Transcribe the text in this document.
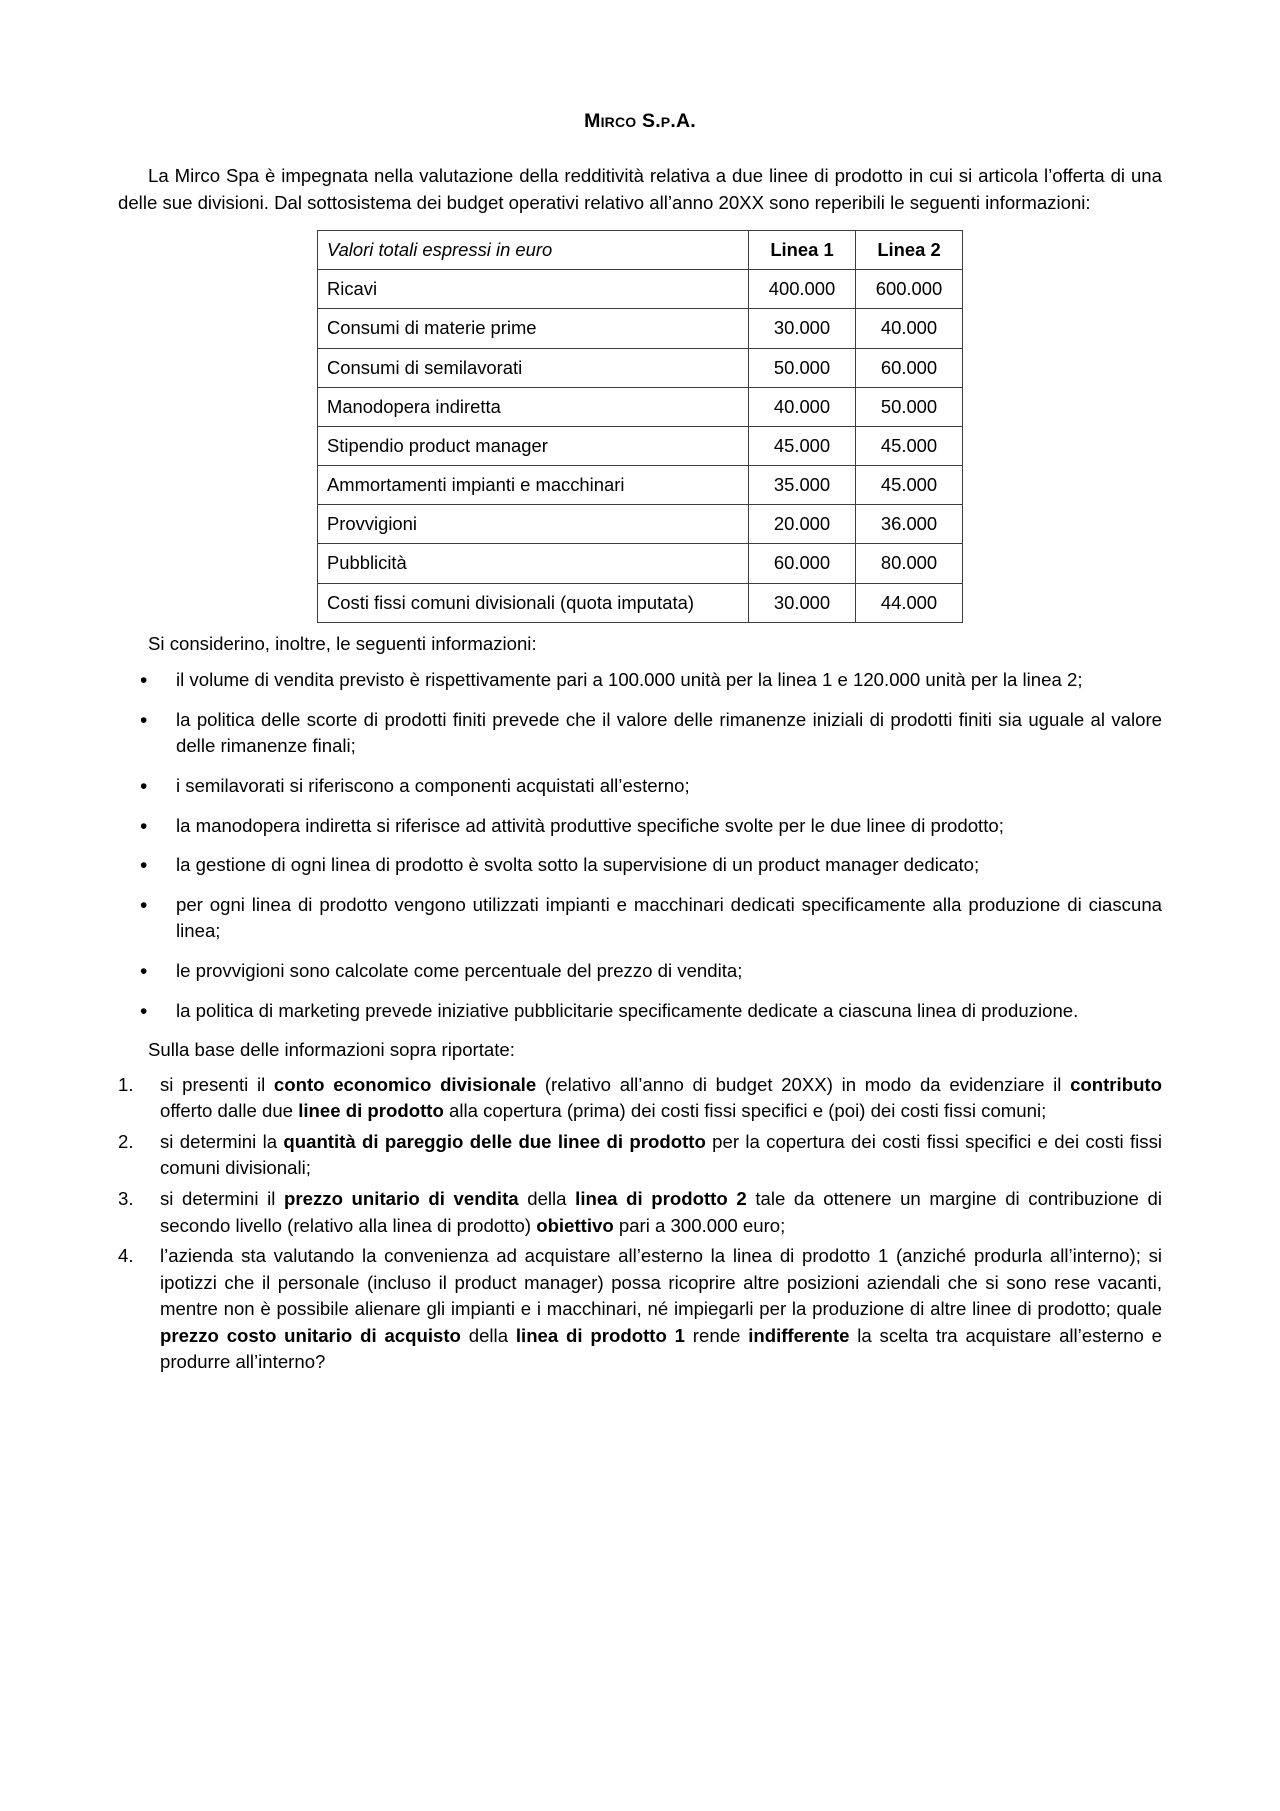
Mirco S.p.A.

La Mirco Spa è impegnata nella valutazione della redditività relativa a due linee di prodotto in cui si articola l’offerta di una delle sue divisioni. Dal sottosistema dei budget operativi relativo all’anno 20XX sono reperibili le seguenti informazioni:

Valori totali espressi in euro	Linea 1	Linea 2
Ricavi	400.000	600.000
Consumi di materie prime	30.000	40.000
Consumi di semilavorati	50.000	60.000
Manodopera indiretta	40.000	50.000
Stipendio product manager	45.000	45.000
Ammortamenti impianti e macchinari	35.000	45.000
Provvigioni	20.000	36.000
Pubblicità	60.000	80.000
Costi fissi comuni divisionali (quota imputata)	30.000	44.000

Si considerino, inoltre, le seguenti informazioni:

• il volume di vendita previsto è rispettivamente pari a 100.000 unità per la linea 1 e 120.000 unità per la linea 2;
• la politica delle scorte di prodotti finiti prevede che il valore delle rimanenze iniziali di prodotti finiti sia uguale al valore delle rimanenze finali;
• i semilavorati si riferiscono a componenti acquistati all’esterno;
• la manodopera indiretta si riferisce ad attività produttive specifiche svolte per le due linee di prodotto;
• la gestione di ogni linea di prodotto è svolta sotto la supervisione di un product manager dedicato;
• per ogni linea di prodotto vengono utilizzati impianti e macchinari dedicati specificamente alla produzione di ciascuna linea;
• le provvigioni sono calcolate come percentuale del prezzo di vendita;
• la politica di marketing prevede iniziative pubblicitarie specificamente dedicate a ciascuna linea di produzione.

Sulla base delle informazioni sopra riportate:

1. si presenti il conto economico divisionale (relativo all’anno di budget 20XX) in modo da evidenziare il contributo offerto dalle due linee di prodotto alla copertura (prima) dei costi fissi specifici e (poi) dei costi fissi comuni;
2. si determini la quantità di pareggio delle due linee di prodotto per la copertura dei costi fissi specifici e dei costi fissi comuni divisionali;
3. si determini il prezzo unitario di vendita della linea di prodotto 2 tale da ottenere un margine di contribuzione di secondo livello (relativo alla linea di prodotto) obiettivo pari a 300.000 euro;
4. l’azienda sta valutando la convenienza ad acquistare all’esterno la linea di prodotto 1 (anziché produrla all’interno); si ipotizzi che il personale (incluso il product manager) possa ricoprire altre posizioni aziendali che si sono rese vacanti, mentre non è possibile alienare gli impianti e i macchinari, né impiegarli per la produzione di altre linee di prodotto; quale prezzo costo unitario di acquisto della linea di prodotto 1 rende indifferente la scelta tra acquistare all’esterno e produrre all’interno?
